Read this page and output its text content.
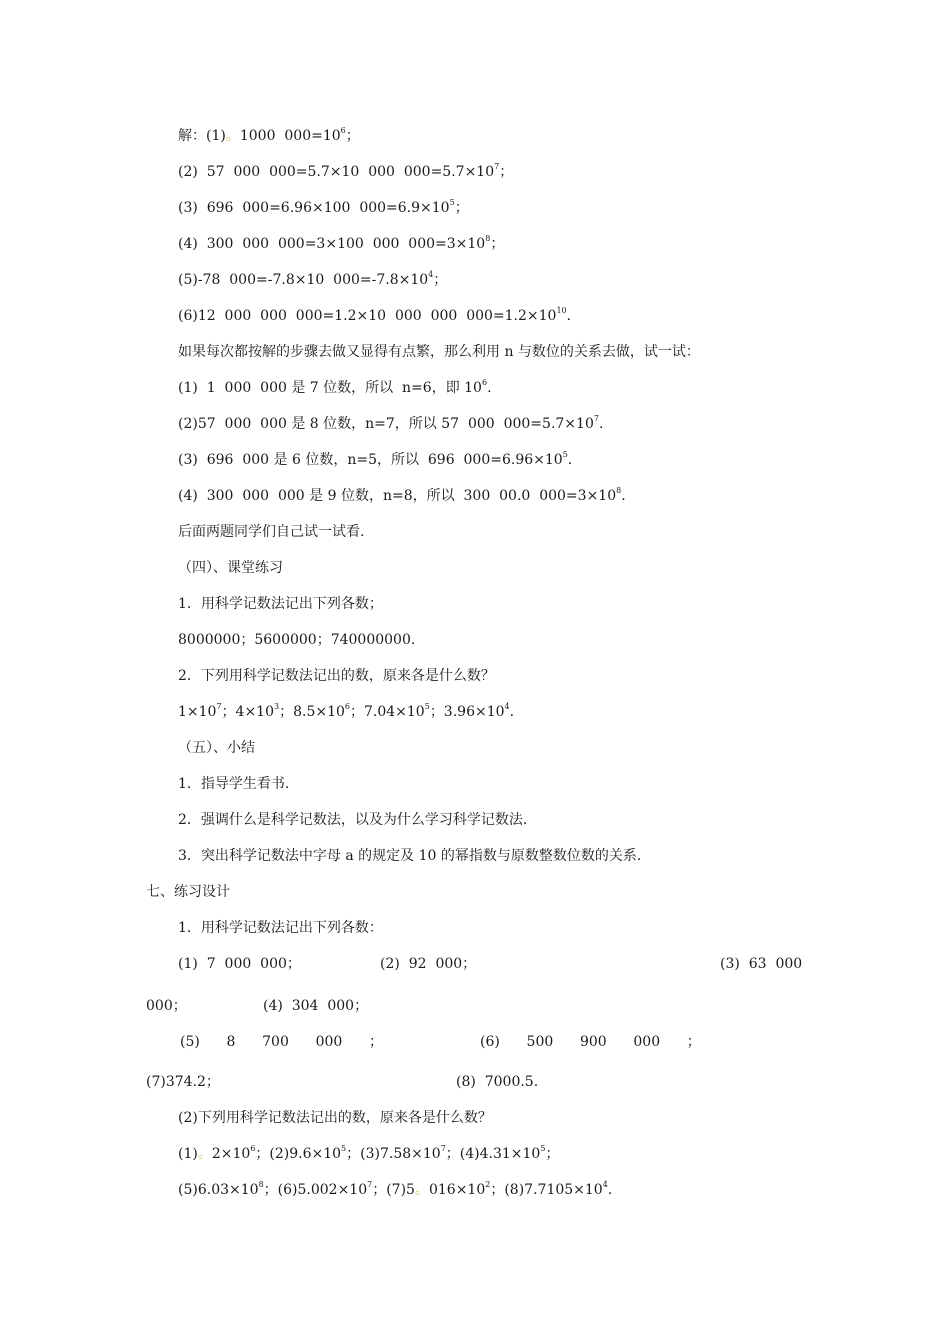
解：(1)。1000  $000=10^6$；
(2)  57  000  000=5.7×10  000  $000=5.7\times 10^7$；
(3)  696  000=6.96×100  $000=6.9\times 10^5$；
(4)  300  000  000=3×100  000  $000=3\times 10^8$；
(5)-78  000=-7.8×10  $000=-7.8\times 10^4$；
(6)12  000  000  000=1.2×10  000  000  $000=1.2\times 10^{10}$.
如果每次都按解的步骤去做又显得有点繁，那么利用 n 与数位的关系去做，试一试：
(1)  1  000  000 是 7 位数，所以  n=6，即 $10^6$.
(2)57  000  000 是 8 位数，n=7，所以 57  000  $000=5.7\times 10^7$.
(3)  696  000 是 6 位数，n=5，所以  696  $000=6.96\times 10^5$.
(4)  300  000  000 是 9 位数，n=8，所以  300  00.0  $000=3\times 10^8$.
后面两题同学们自己试一试看.
（四）、课堂练习
1．用科学记数法记出下列各数；
8000000；5600000；740000000.
2．下列用科学记数法记出的数，原来各是什么数？
$1\times 10^7$；$4\times 10^3$；$8.5\times 10^6$；$7.04\times 10^5$；$3.96\times 10^4$.
（五）、小结
1．指导学生看书.
2．强调什么是科学记数法，以及为什么学习科学记数法.
3．突出科学记数法中字母 a 的规定及 10 的幂指数与原数整数位数的关系.
七、练习设计
1．用科学记数法记出下列各数：
(1)  7  000  000；	(2)  92  000；	(3)  63  000
000；	(4)  304  000；
(5)      8      700      000      ；	(6)      500      900      000      ；
(7)374.2；	(8)  7000.5.
(2)下列用科学记数法记出的数，原来各是什么数？
(1)。$2\times 10^6$；$(2)9.6\times 10^5$；$(3)7.58\times 10^7$；$(4)4.31\times 10^5$；
$(5)6.03\times 10^8$；$(6)5.002\times 10^7$；(7)5。$016\times 10^2$；$(8)7.7105\times 10^4$.
